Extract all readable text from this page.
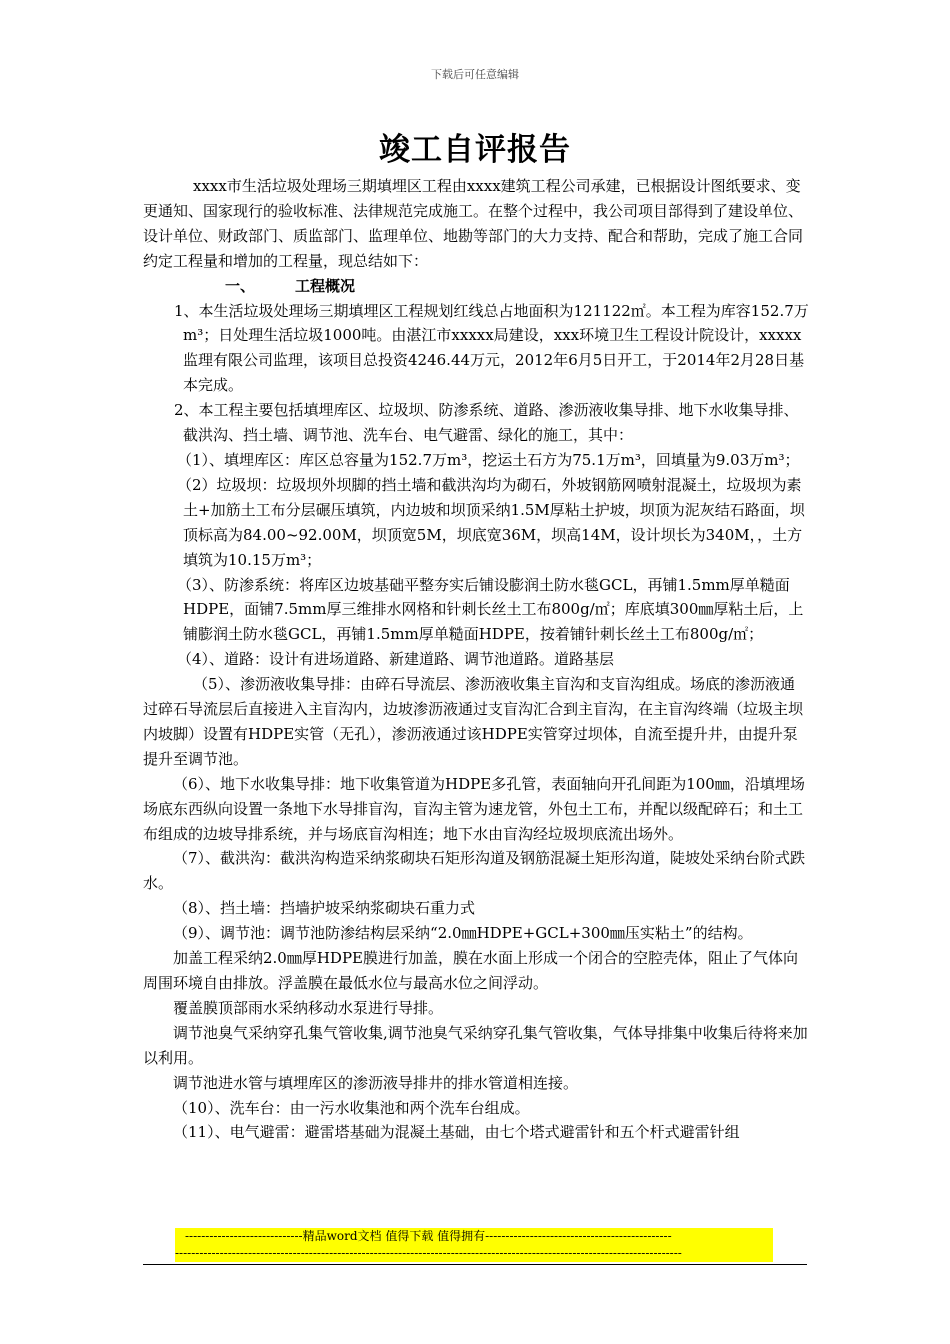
下载后可任意编辑
竣工自评报告

xxxx市生活垃圾处理场三期填埋区工程由xxxx建筑工程公司承建，已根据设计图纸要求、变更通知、国家现行的验收标准、法律规范完成施工。在整个过程中，我公司项目部得到了建设单位、设计单位、财政部门、质监部门、监理单位、地勘等部门的大力支持、配合和帮助，完成了施工合同约定工程量和增加的工程量，现总结如下：

一、	工程概况

1、本生活垃圾处理场三期填埋区工程规划红线总占地面积为121122㎡。本工程为库容152.7万m³；日处理生活垃圾1000吨。由湛江市xxxxx局建设，xxx环境卫生工程设计院设计，xxxxx监理有限公司监理，该项目总投资4246.44万元，2012年6月5日开工，于2014年2月28日基本完成。

2、本工程主要包括填埋库区、垃圾坝、防渗系统、道路、渗沥液收集导排、地下水收集导排、截洪沟、挡土墙、调节池、洗车台、电气避雷、绿化的施工，其中：

（1）、填埋库区：库区总容量为152.7万m³，挖运土石方为75.1万m³，回填量为9.03万m³；

（2）垃圾坝：垃圾坝外坝脚的挡土墙和截洪沟均为砌石，外坡钢筋网喷射混凝土，垃圾坝为素土+加筋土工布分层碾压填筑，内边坡和坝顶采纳1.5M厚粘土护坡，坝顶为泥灰结石路面，坝顶标高为84.00~92.00M，坝顶宽5M，坝底宽36M，坝高14M，设计坝长为340M，，土方填筑为10.15万m³；

（3）、防渗系统：将库区边坡基础平整夯实后铺设膨润土防水毯GCL，再铺1.5mm厚单糙面HDPE，面铺7.5mm厚三维排水网格和针刺长丝土工布800g/㎡；库底填300㎜厚粘土后，上铺膨润土防水毯GCL，再铺1.5mm厚单糙面HDPE，按着铺针刺长丝土工布800g/㎡；

（4）、道路：设计有进场道路、新建道路、调节池道路。道路基层

（5）、渗沥液收集导排：由碎石导流层、渗沥液收集主盲沟和支盲沟组成。场底的渗沥液通过碎石导流层后直接进入主盲沟内，边坡渗沥液通过支盲沟汇合到主盲沟，在主盲沟终端（垃圾主坝内坡脚）设置有HDPE实管（无孔），渗沥液通过该HDPE实管穿过坝体，自流至提升井，由提升泵提升至调节池。

（6）、地下水收集导排：地下收集管道为HDPE多孔管，表面轴向开孔间距为100㎜，沿填埋场场底东西纵向设置一条地下水导排盲沟，盲沟主管为速龙管，外包土工布，并配以级配碎石；和土工布组成的边坡导排系统，并与场底盲沟相连；地下水由盲沟经垃圾坝底流出场外。

（7）、截洪沟：截洪沟构造采纳浆砌块石矩形沟道及钢筋混凝土矩形沟道，陡坡处采纳台阶式跌水。

（8）、挡土墙：挡墙护坡采纳浆砌块石重力式

（9）、调节池：调节池防渗结构层采纳“2.0㎜HDPE+GCL+300㎜压实粘土”的结构。

加盖工程采纳2.0㎜厚HDPE膜进行加盖，膜在水面上形成一个闭合的空腔壳体，阻止了气体向周围环境自由排放。浮盖膜在最低水位与最高水位之间浮动。

覆盖膜顶部雨水采纳移动水泵进行导排。

调节池臭气采纳穿孔集气管收集,调节池臭气采纳穿孔集气管收集，气体导排集中收集后待将来加以利用。

调节池进水管与填埋库区的渗沥液导排井的排水管道相连接。

（10）、洗车台：由一污水收集池和两个洗车台组成。

（11）、电气避雷：避雷塔基础为混凝土基础，由七个塔式避雷针和五个杆式避雷针组

-----------------------------精品word文档 值得下载 值得拥有----------------------------------------------
-----------------------------------------------------------------------------------------------------------------------------
